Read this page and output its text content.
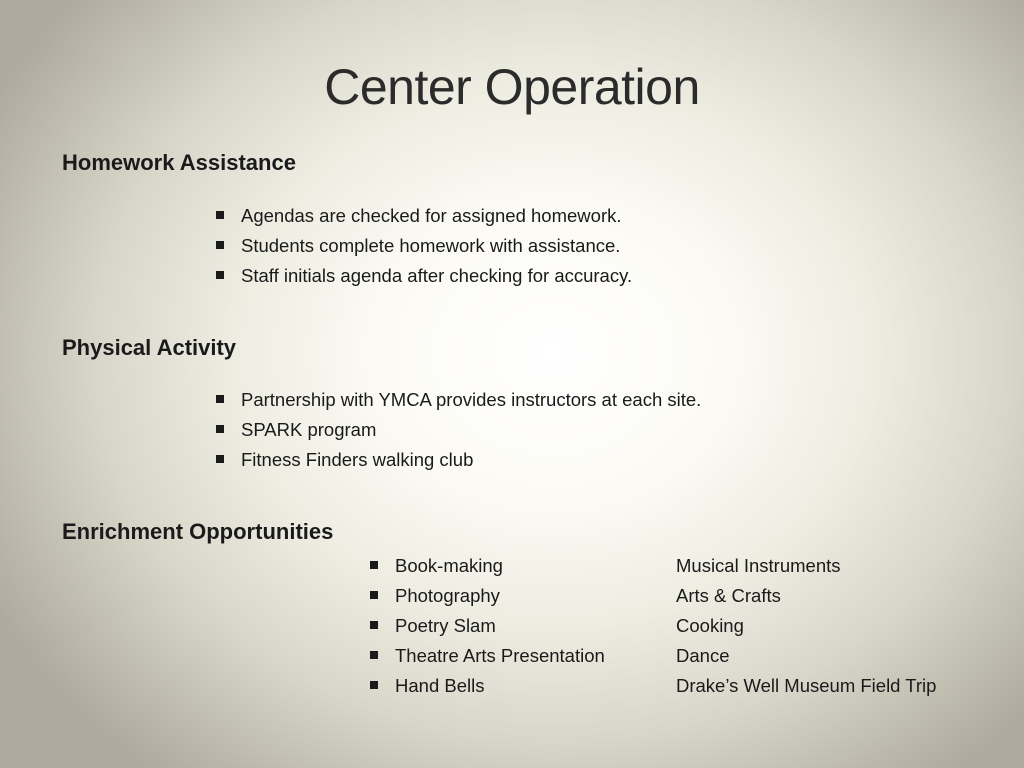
Center Operation
Homework Assistance
Agendas are checked for assigned homework.
Students complete homework with assistance.
Staff initials agenda after checking for accuracy.
Physical Activity
Partnership with YMCA provides instructors at each site.
SPARK program
Fitness Finders walking club
Enrichment Opportunities
Book-making
Photography
Poetry Slam
Theatre Arts Presentation
Hand Bells
Musical Instruments
Arts & Crafts
Cooking
Dance
Drake’s Well Museum Field Trip
